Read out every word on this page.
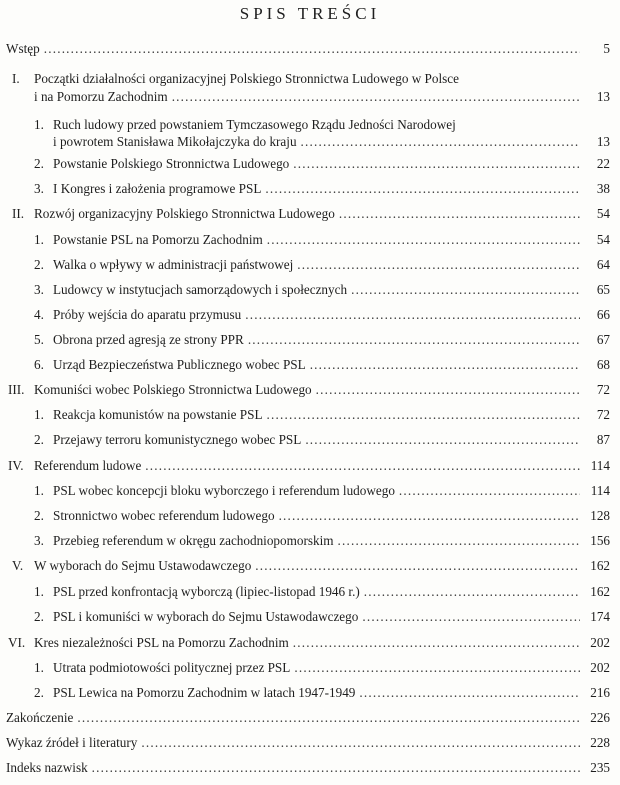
SPIS TREŚCI
Wstęp .....	5
I. Początki działalności organizacyjnej Polskiego Stronnictwa Ludowego w Polsce
i na Pomorzu Zachodnim .....	13
1. Ruch ludowy przed powstaniem Tymczasowego Rządu Jedności Narodowej
i powrotem Stanisława Mikołajczyka do kraju .....	13
2. Powstanie Polskiego Stronnictwa Ludowego .....	22
3. I Kongres i założenia programowe PSL .....	38
II. Rozwój organizacyjny Polskiego Stronnictwa Ludowego .....	54
1. Powstanie PSL na Pomorzu Zachodnim .....	54
2. Walka o wpływy w administracji państwowej .....	64
3. Ludowcy w instytucjach samorządowych i społecznych .....	65
4. Próby wejścia do aparatu przymusu .....	66
5. Obrona przed agresją ze strony PPR .....	67
6. Urząd Bezpieczeństwa Publicznego wobec PSL .....	68
III. Komuniści wobec Polskiego Stronnictwa Ludowego .....	72
1. Reakcja komunistów na powstanie PSL .....	72
2. Przejawy terroru komunistycznego wobec PSL .....	87
IV. Referendum ludowe .....	114
1. PSL wobec koncepcji bloku wyborczego i referendum ludowego .....	114
2. Stronnictwo wobec referendum ludowego .....	128
3. Przebieg referendum w okręgu zachodniopomorskim .....	156
V. W wyborach do Sejmu Ustawodawczego .....	162
1. PSL przed konfrontacją wyborczą (lipiec-listopad 1946 r.) .....	162
2. PSL i komuniści w wyborach do Sejmu Ustawodawczego .....	174
VI. Kres niezależności PSL na Pomorzu Zachodnim .....	202
1. Utrata podmiotowości politycznej przez PSL .....	202
2. PSL Lewica na Pomorzu Zachodnim w latach 1947-1949 .....	216
Zakończenie .....	226
Wykaz źródeł i literatury .....	228
Indeks nazwisk .....	235
